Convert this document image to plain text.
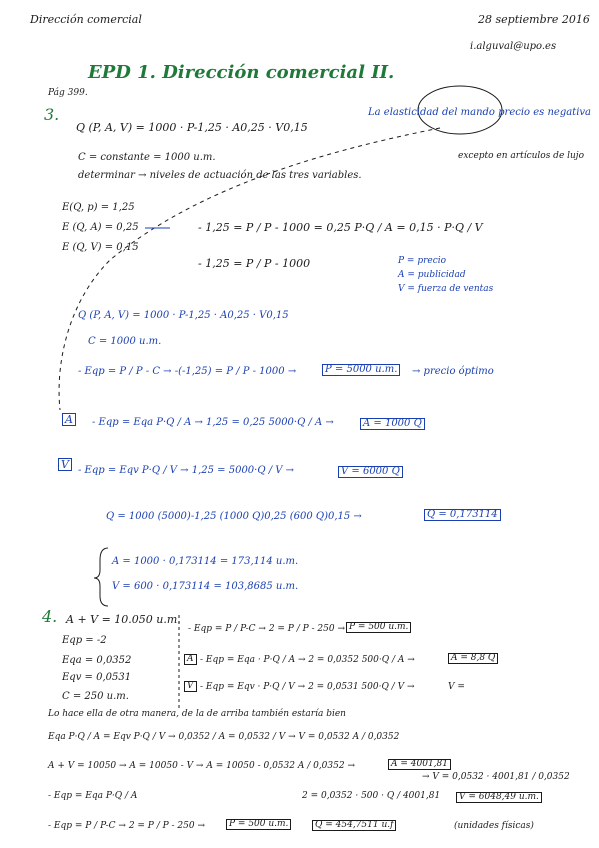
Dirección comercial	28 septiembre 2016
i.alguval@upo.es
EPD 1. Dirección comercial II.
Pág 399.
3.
Q (P, A, V) = 1000 · P-1,25 · A0,25 · V0,15
La elasticidad del mando precio es negativa
excepto en artículos de lujo
C = constante = 1000 u.m.
determinar → niveles de actuación de las tres variables.
E(Q, p) = 1,25
E (Q, A) = 0,25
E (Q, V) = 0,15
- 1,25 = P / P - 1000 = 0,25 P·Q / A = 0,15 · P·Q / V
- 1,25 = P / P - 1000	P = precio
A = publicidad
V = fuerza de ventas
Q (P, A, V) = 1000 · P-1,25 · A0,25 · V0,15
C = 1000 u.m.
- Eqp = P / P - C → -(-1,25) = P / P - 1000 →	P = 5000 u.m.	→ precio óptimo
A	- Eqp = Eqa P·Q / A → 1,25 = 0,25 5000·Q / A →	A = 1000 Q
V - Eqp = Eqv P·Q / V → 1,25 = 5000·Q / V →	V = 6000 Q
Q = 1000 (5000)-1,25 (1000 Q)0,25 (600 Q)0,15 →	Q = 0,173114
A = 1000 · 0,173114 = 173,114 u.m.
V = 600 · 0,173114 = 103,8685 u.m.
4. A + V = 10.050 u.m.
Eqp = -2
Eqa = 0,0352
Eqv = 0,0531
C = 250 u.m.
- Eqp = P / P-C → 2 = P / P - 250 → P = 500 u.m.
A - Eqp = Eqa · P·Q / A → 2 = 0,0352 500·Q / A →	A = 8,8 Q
V - Eqp = Eqv · P·Q / V → 2 = 0,0531 500·Q / V →	V =
Lo hace ella de otra manera, de la de arriba también estaría bien
Eqa P·Q / A = Eqv P·Q / V → 0,0352 / A = 0,0532 / V → V = 0,0532 A / 0,0352
A + V = 10050 → A = 10050 - V → A = 10050 - 0,0532 A / 0,0352 →	A = 4001,81
→ V = 0,0532 · 4001,81 / 0,0352
V = 6048,49 u.m.
- Eqp = Eqa P·Q / A	2 = 0,0352 · 500 · Q / 4001,81
- Eqp = P / P-C → 2 = P / P - 250 →	P = 500 u.m.	Q = 454,7511 u.f	(unidades físicas)
